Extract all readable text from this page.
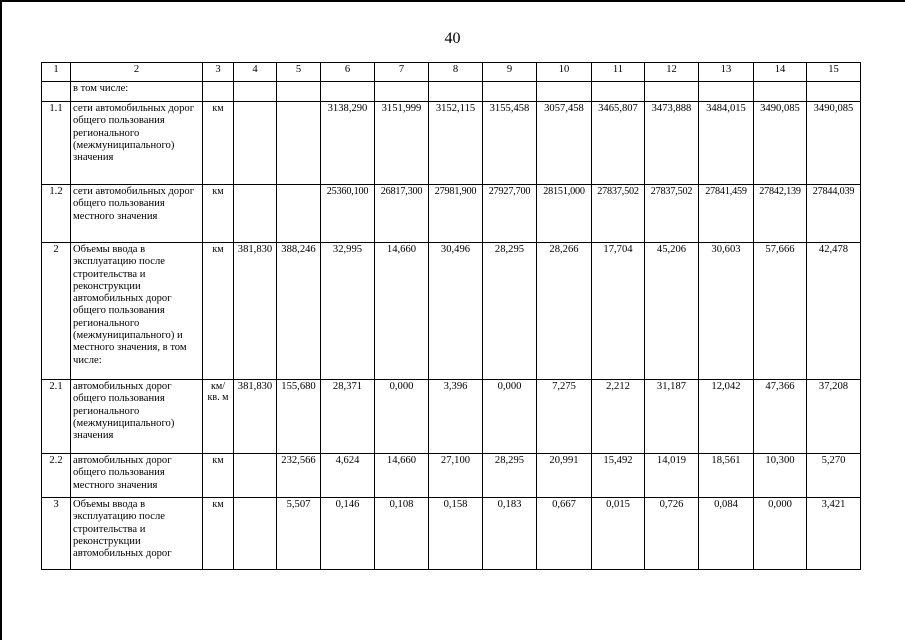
40
1	2	3	4	5	6	7	8	9	10	11	12	13	14	15
	в том числе:													
1.1	сети автомобильных дорог общего пользования регионального (межмуниципального) значения	км			3138,290	3151,999	3152,115	3155,458	3057,458	3465,807	3473,888	3484,015	3490,085	3490,085
1.2	сети автомобильных дорог общего пользования местного значения	км			25360,100	26817,300	27981,900	27927,700	28151,000	27837,502	27837,502	27841,459	27842,139	27844,039
2	Объемы ввода в эксплуатацию после строительства и реконструкции автомобильных дорог общего пользования регионального (межмуниципального) и местного значения, в том числе:	км	381,830	388,246	32,995	14,660	30,496	28,295	28,266	17,704	45,206	30,603	57,666	42,478
2.1	автомобильных дорог общего пользования регионального (межмуниципального) значения	км/ кв. м	381,830	155,680	28,371	0,000	3,396	0,000	7,275	2,212	31,187	12,042	47,366	37,208
2.2	автомобильных дорог общего пользования местного значения	км		232,566	4,624	14,660	27,100	28,295	20,991	15,492	14,019	18,561	10,300	5,270
3	Объемы ввода в эксплуатацию после строительства и реконструкции автомобильных дорог	км		5,507	0,146	0,108	0,158	0,183	0,667	0,015	0,726	0,084	0,000	3,421
